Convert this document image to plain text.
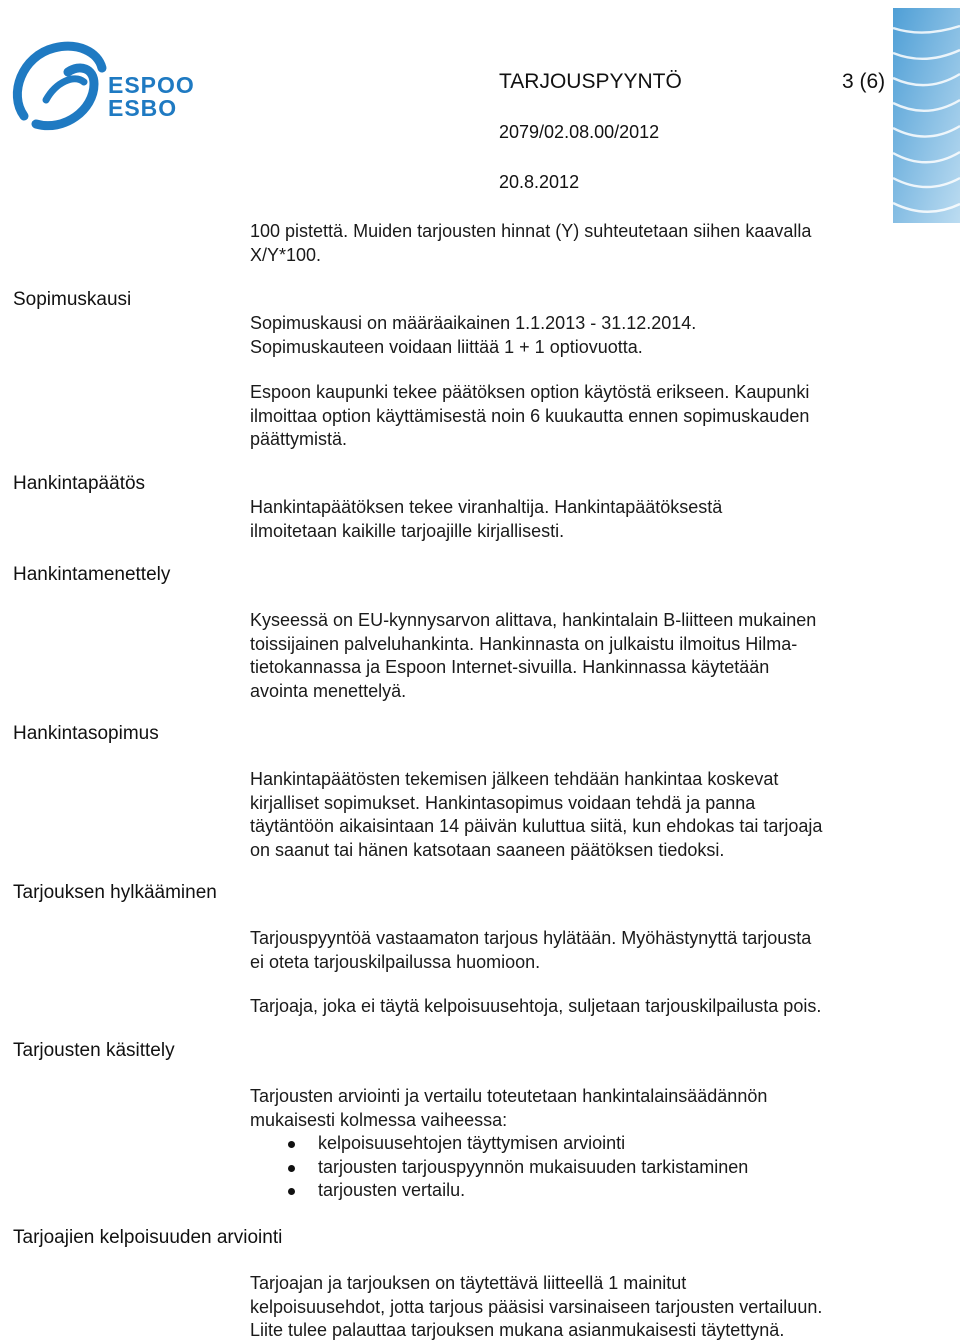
ESPOO
ESBO
TARJOUSPYYNTÖ	3 (6)
2079/02.08.00/2012
20.8.2012
100 pistettä. Muiden tarjousten hinnat (Y) suhteutetaan siihen kaavalla
X/Y*100.
Sopimuskausi
Sopimuskausi on määräaikainen 1.1.2013 - 31.12.2014.
Sopimuskauteen voidaan liittää 1 + 1 optiovuotta.
Espoon kaupunki tekee päätöksen option käytöstä erikseen. Kaupunki
ilmoittaa option käyttämisestä noin 6 kuukautta ennen sopimuskauden
päättymistä.
Hankintapäätös
Hankintapäätöksen tekee viranhaltija. Hankintapäätöksestä
ilmoitetaan kaikille tarjoajille kirjallisesti.
Hankintamenettely
Kyseessä on EU-kynnysarvon alittava, hankintalain B-liitteen mukainen
toissijainen palveluhankinta. Hankinnasta on julkaistu ilmoitus Hilma-
tietokannassa ja Espoon Internet-sivuilla. Hankinnassa käytetään
avointa menettelyä.
Hankintasopimus
Hankintapäätösten tekemisen jälkeen tehdään hankintaa koskevat
kirjalliset sopimukset. Hankintasopimus voidaan tehdä ja panna
täytäntöön aikaisintaan 14 päivän kuluttua siitä, kun ehdokas tai tarjoaja
on saanut tai hänen katsotaan saaneen päätöksen tiedoksi.
Tarjouksen hylkääminen
Tarjouspyyntöä vastaamaton tarjous hylätään. Myöhästynyttä tarjousta
ei oteta tarjouskilpailussa huomioon.
Tarjoaja, joka ei täytä kelpoisuusehtoja, suljetaan tarjouskilpailusta pois.
Tarjousten käsittely
Tarjousten arviointi ja vertailu toteutetaan hankintalainsäädännön
mukaisesti kolmessa vaiheessa:
kelpoisuusehtojen täyttymisen arviointi
tarjousten tarjouspyynnön mukaisuuden tarkistaminen
tarjousten vertailu.
Tarjoajien kelpoisuuden arviointi
Tarjoajan ja tarjouksen on täytettävä liitteellä 1 mainitut
kelpoisuusehdot, jotta tarjous pääsisi varsinaiseen tarjousten vertailuun.
Liite tulee palauttaa tarjouksen mukana asianmukaisesti täytettynä.
